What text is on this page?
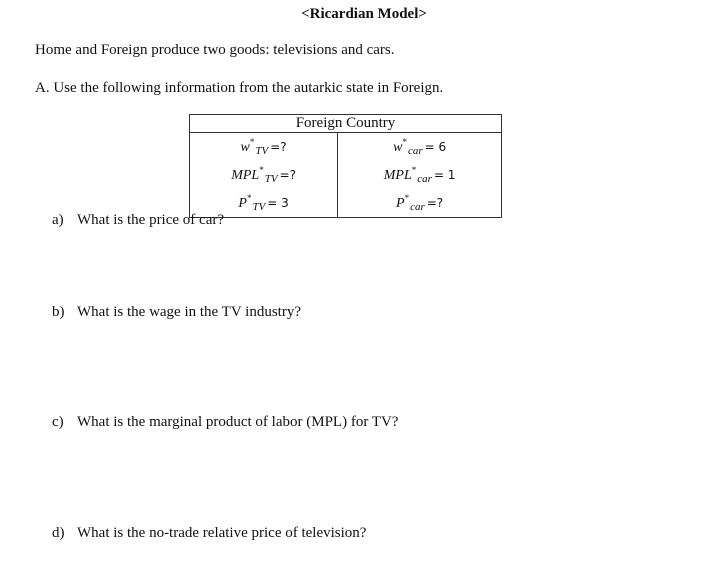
<Ricardian Model>
Home and Foreign produce two goods: televisions and cars.
A. Use the following information from the autarkic state in Foreign.
Foreign Country	
$w^*_{TV}$ =?	$w^*_{car} = 6$
$MPL^*_{TV}$ =?	$MPL^*_{car} = 1$
$P^*_{TV} = 3$	$P^*_{car}$ =?
a) What is the price of car?
b) What is the wage in the TV industry?
c) What is the marginal product of labor (MPL) for TV?
d) What is the no-trade relative price of television?
